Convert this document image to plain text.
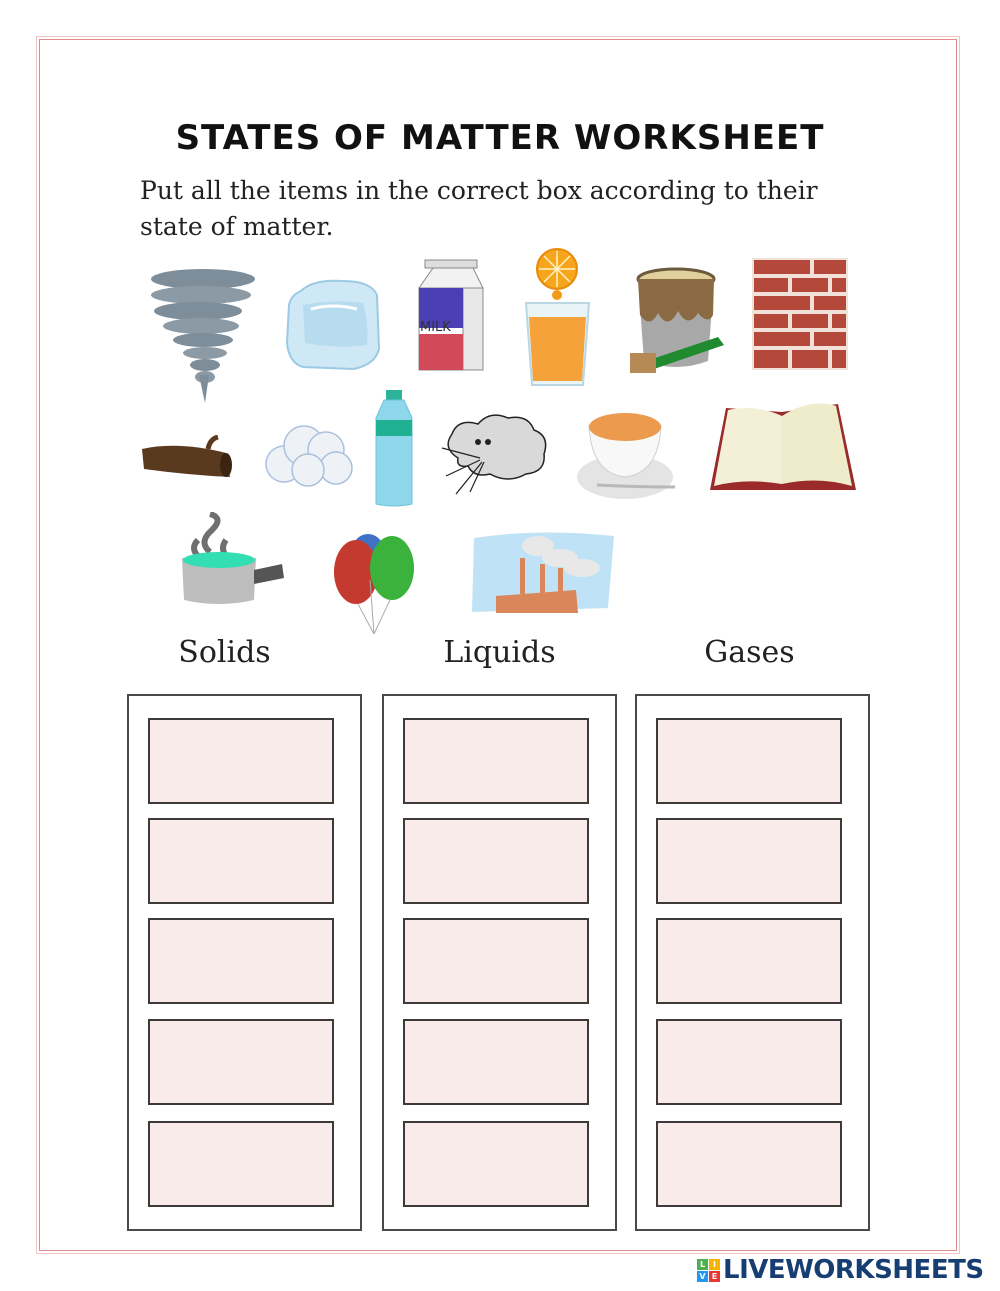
STATES OF MATTER WORKSHEET

Put all the items in the correct box according to their state of matter.

MILK
Solids	Liquids	Gases
L I
V E LIVEWORKSHEETS
